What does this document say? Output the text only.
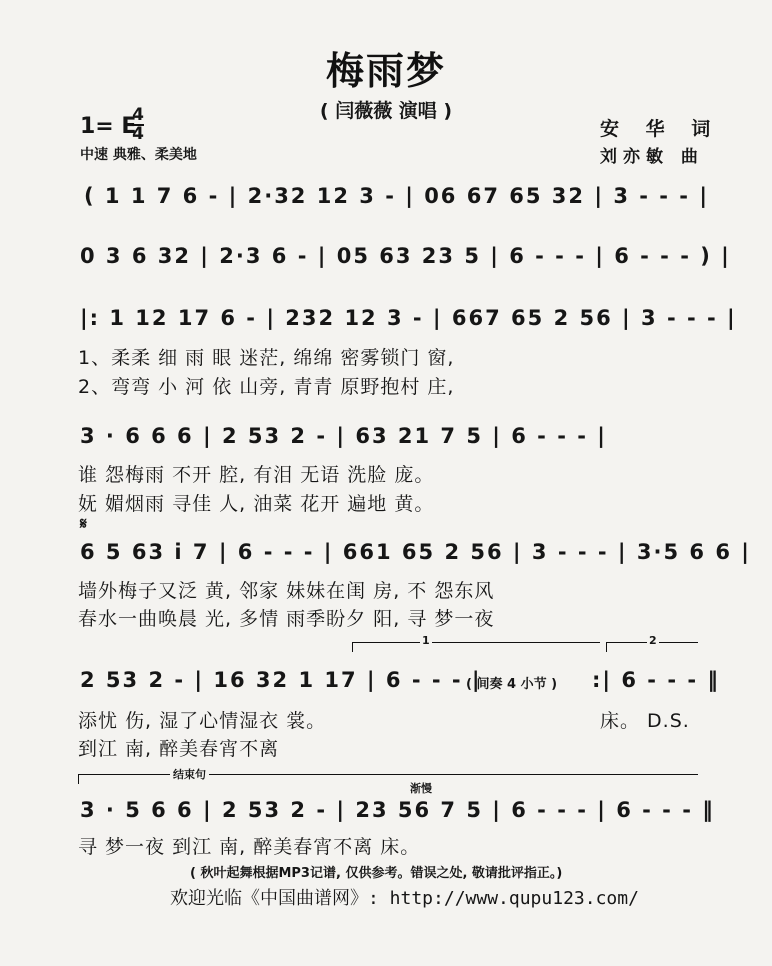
梅雨梦
( 闫薇薇 演唱 )
1= E
4
4
中速 典雅、柔美地
安 华 词
刘亦敏 曲
( 1 1 7 6 - | 2·32 12 3 - | 06 67 65 32 | 3 - - - |
0 3 6 32 | 2·3 6 - | 05 63 23 5 | 6 - - - | 6 - - - ) |
|: 1 12 17 6 - | 232 12 3 - | 667 65 2 56 | 3 - - - |
1、柔柔 细 雨 眼 迷茫, 绵绵 密雾锁门 窗,
2、弯弯 小 河 依 山旁, 青青 原野抱村 庄,
3 · 6 6 6 | 2 53 2 - | 63 21 7 5 | 6 - - - |
谁 怨梅雨 不开 腔, 有泪 无语 洗脸 庞。
妩 媚烟雨 寻佳 人, 油菜 花开 遍地 黄。
𝄋
6 5 63 i 7 | 6 - - - | 661 65 2 56 | 3 - - - | 3·5 6 6 |
墙外梅子又泛 黄, 邻家 妹妹在闺 房, 不 怨东风
春水一曲唤晨 光, 多情 雨季盼夕 阳, 寻 梦一夜
1	2
2 53 2 - | 16 32 1 17 | 6 - - - |
( 间奏 4 小节 ) :| 6 - - - ‖
添忧 伤, 湿了心情湿衣 裳。	床。 D.S.
到江 南, 醉美春宵不离
结束句
渐慢
3 · 5 6 6 | 2 53 2 - | 23 56 7 5 | 6 - - - | 6 - - - ‖
寻 梦一夜 到江 南, 醉美春宵不离 床。
( 秋叶起舞根据MP3记谱, 仅供参考。错误之处, 敬请批评指正。)
欢迎光临《中国曲谱网》: http://www.qupu123.com/
